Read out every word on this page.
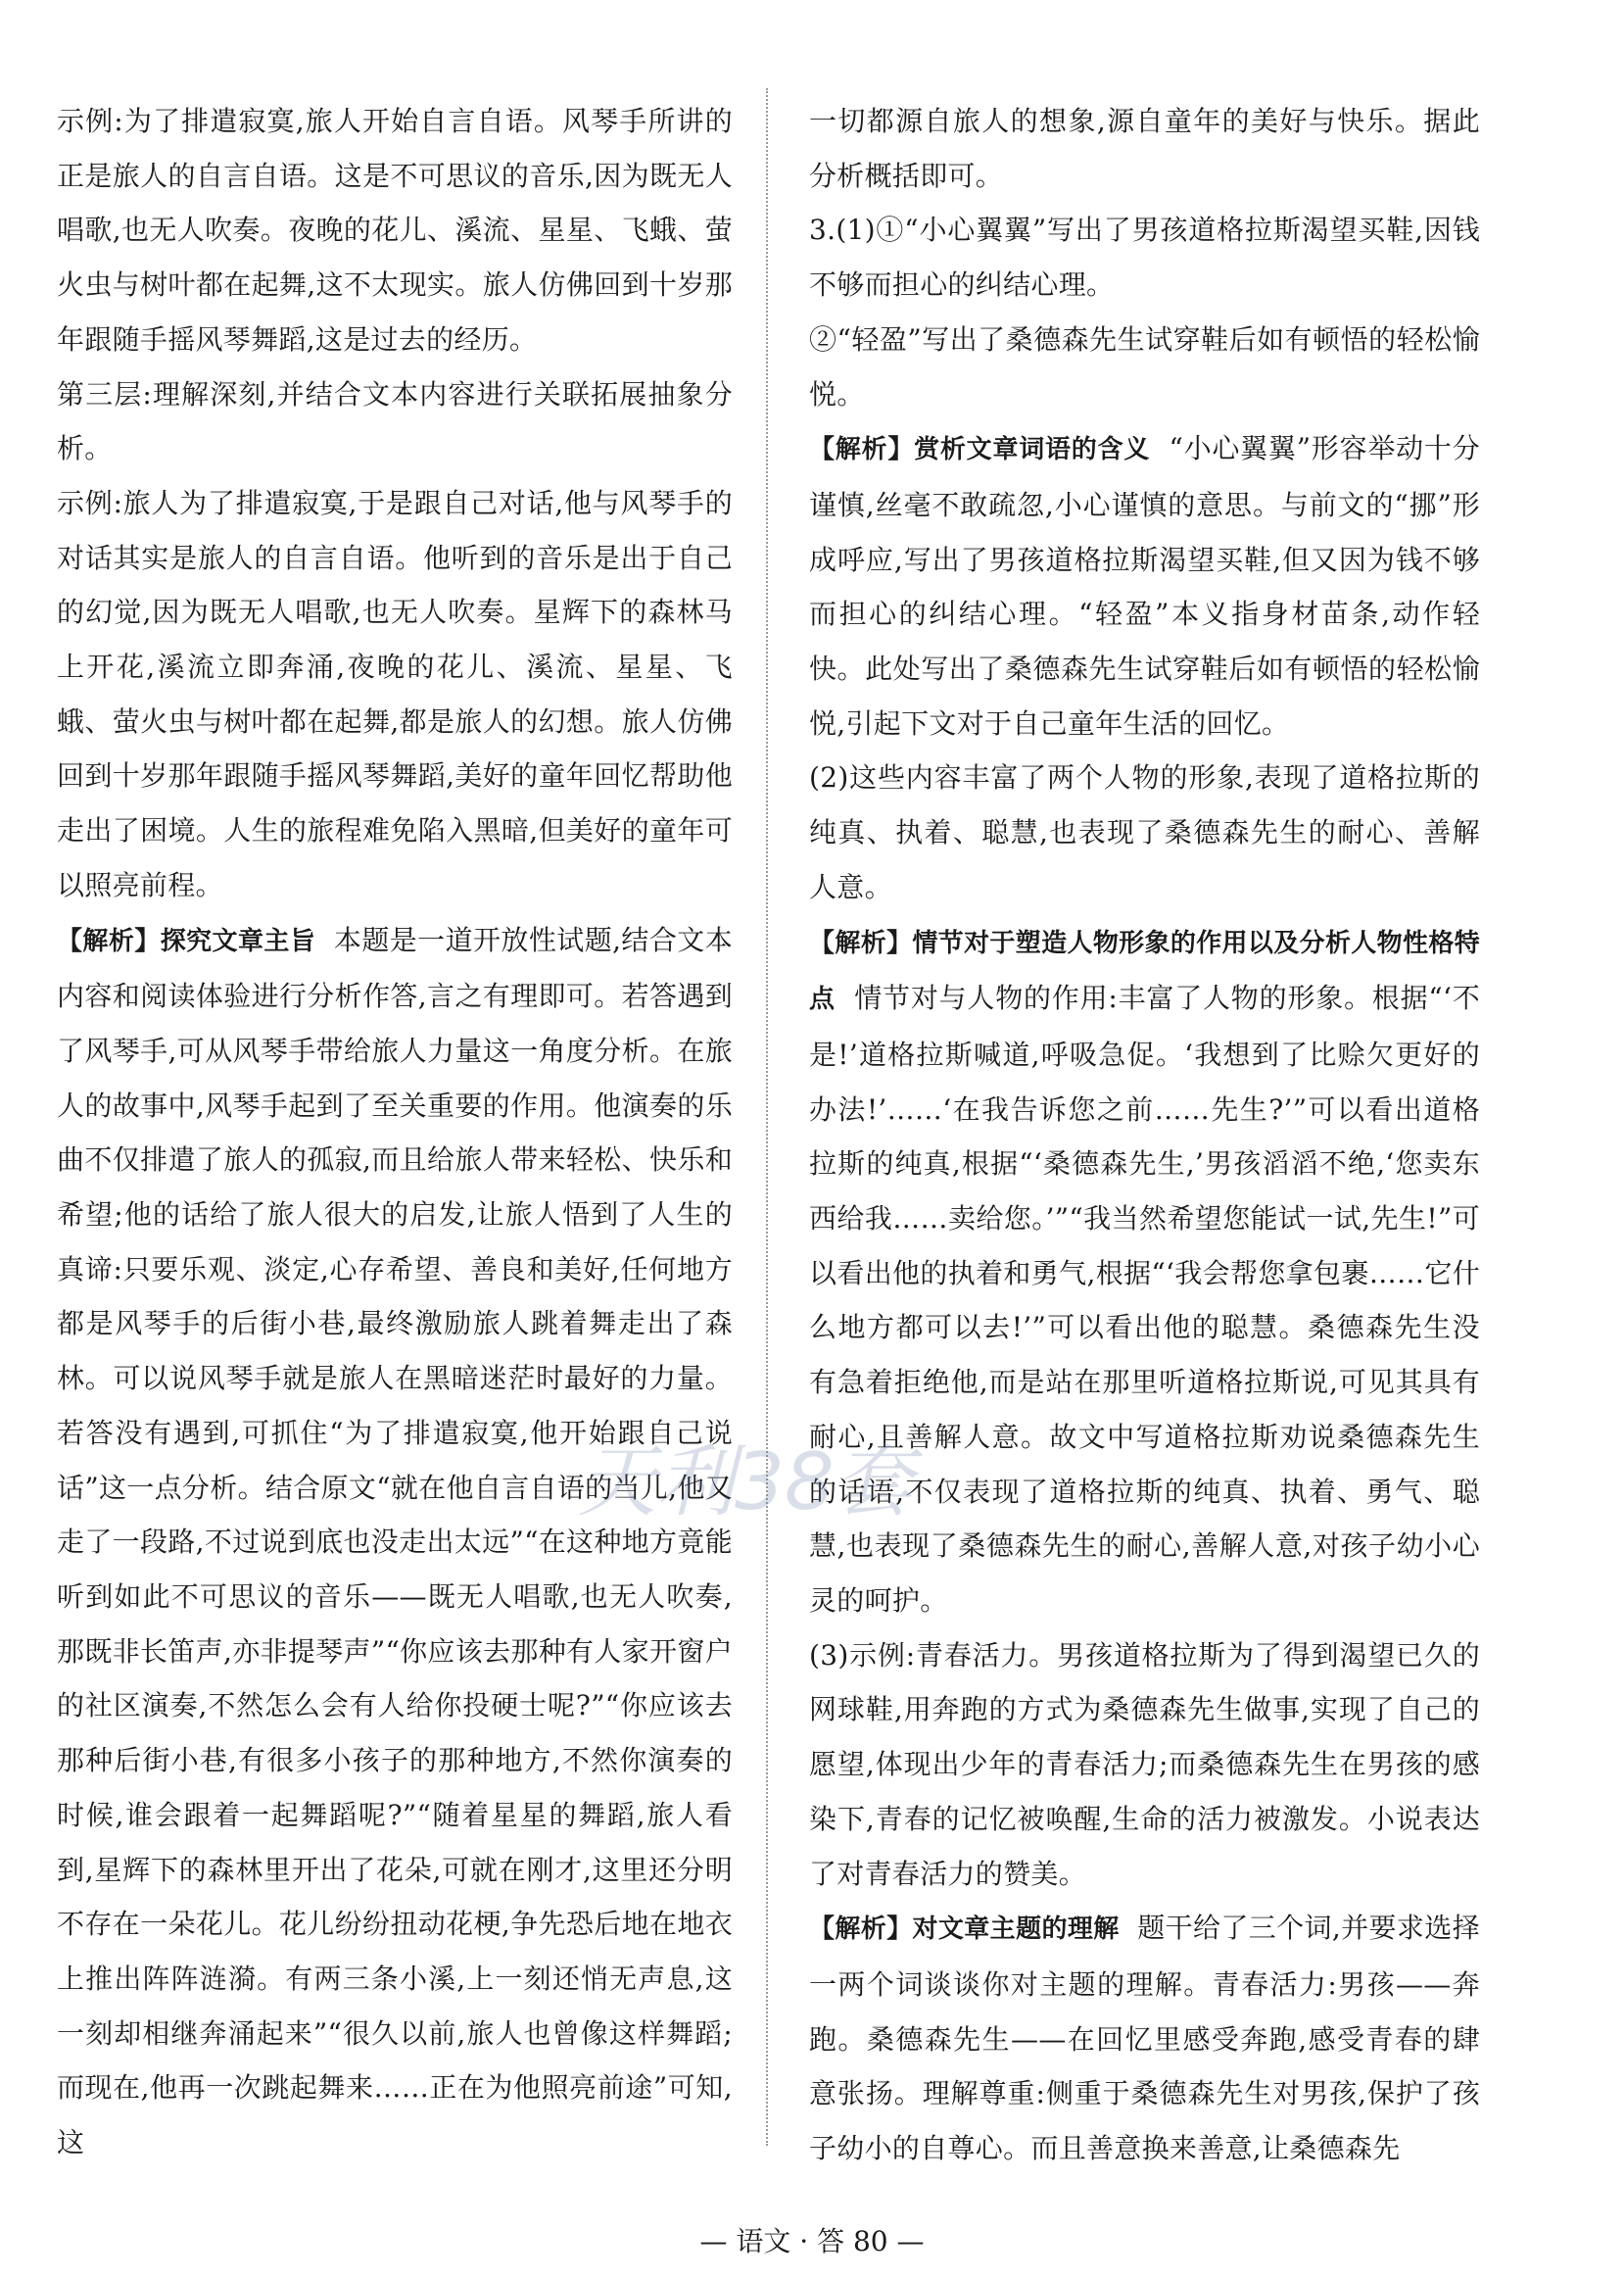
示例:为了排遣寂寞,旅人开始自言自语。风琴手所讲的正是旅人的自言自语。这是不可思议的音乐,因为既无人唱歌,也无人吹奏。夜晚的花儿、溪流、星星、飞蛾、萤火虫与树叶都在起舞,这不太现实。旅人仿佛回到十岁那年跟随手摇风琴舞蹈,这是过去的经历。

第三层:理解深刻,并结合文本内容进行关联拓展抽象分析。

示例:旅人为了排遣寂寞,于是跟自己对话,他与风琴手的对话其实是旅人的自言自语。他听到的音乐是出于自己的幻觉,因为既无人唱歌,也无人吹奏。星辉下的森林马上开花,溪流立即奔涌,夜晚的花儿、溪流、星星、飞蛾、萤火虫与树叶都在起舞,都是旅人的幻想。旅人仿佛回到十岁那年跟随手摇风琴舞蹈,美好的童年回忆帮助他走出了困境。人生的旅程难免陷入黑暗,但美好的童年可以照亮前程。

【解析】探究文章主旨 本题是一道开放性试题,结合文本内容和阅读体验进行分析作答,言之有理即可。若答遇到了风琴手,可从风琴手带给旅人力量这一角度分析。在旅人的故事中,风琴手起到了至关重要的作用。他演奏的乐曲不仅排遣了旅人的孤寂,而且给旅人带来轻松、快乐和希望;他的话给了旅人很大的启发,让旅人悟到了人生的真谛:只要乐观、淡定,心存希望、善良和美好,任何地方都是风琴手的后街小巷,最终激励旅人跳着舞走出了森林。可以说风琴手就是旅人在黑暗迷茫时最好的力量。若答没有遇到,可抓住“为了排遣寂寞,他开始跟自己说话”这一点分析。结合原文“就在他自言自语的当儿,他又走了一段路,不过说到底也没走出太远”“在这种地方竟能听到如此不可思议的音乐——既无人唱歌,也无人吹奏,那既非长笛声,亦非提琴声”“你应该去那种有人家开窗户的社区演奏,不然怎么会有人给你投硬士呢?”“你应该去那种后街小巷,有很多小孩子的那种地方,不然你演奏的时候,谁会跟着一起舞蹈呢?”“随着星星的舞蹈,旅人看到,星辉下的森林里开出了花朵,可就在刚才,这里还分明不存在一朵花儿。花儿纷纷扭动花梗,争先恐后地在地衣上推出阵阵涟漪。有两三条小溪,上一刻还悄无声息,这一刻却相继奔涌起来”“很久以前,旅人也曾像这样舞蹈;而现在,他再一次跳起舞来……正在为他照亮前途”可知,这

一切都源自旅人的想象,源自童年的美好与快乐。据此分析概括即可。

3.(1)①“小心翼翼”写出了男孩道格拉斯渴望买鞋,因钱不够而担心的纠结心理。

②“轻盈”写出了桑德森先生试穿鞋后如有顿悟的轻松愉悦。

【解析】赏析文章词语的含义 “小心翼翼”形容举动十分谨慎,丝毫不敢疏忽,小心谨慎的意思。与前文的“挪”形成呼应,写出了男孩道格拉斯渴望买鞋,但又因为钱不够而担心的纠结心理。“轻盈”本义指身材苗条,动作轻快。此处写出了桑德森先生试穿鞋后如有顿悟的轻松愉悦,引起下文对于自己童年生活的回忆。

(2)这些内容丰富了两个人物的形象,表现了道格拉斯的纯真、执着、聪慧,也表现了桑德森先生的耐心、善解人意。

【解析】情节对于塑造人物形象的作用以及分析人物性格特点 情节对与人物的作用:丰富了人物的形象。根据“‘不是!’道格拉斯喊道,呼吸急促。‘我想到了比赊欠更好的办法!’……‘在我告诉您之前……先生?’”可以看出道格拉斯的纯真,根据“‘桑德森先生,’男孩滔滔不绝,‘您卖东西给我……卖给您。’”“我当然希望您能试一试,先生!”可以看出他的执着和勇气,根据“‘我会帮您拿包裹……它什么地方都可以去!’”可以看出他的聪慧。桑德森先生没有急着拒绝他,而是站在那里听道格拉斯说,可见其具有耐心,且善解人意。故文中写道格拉斯劝说桑德森先生的话语,不仅表现了道格拉斯的纯真、执着、勇气、聪慧,也表现了桑德森先生的耐心,善解人意,对孩子幼小心灵的呵护。

(3)示例:青春活力。男孩道格拉斯为了得到渴望已久的网球鞋,用奔跑的方式为桑德森先生做事,实现了自己的愿望,体现出少年的青春活力;而桑德森先生在男孩的感染下,青春的记忆被唤醒,生命的活力被激发。小说表达了对青春活力的赞美。

【解析】对文章主题的理解 题干给了三个词,并要求选择一两个词谈谈你对主题的理解。青春活力:男孩——奔跑。桑德森先生——在回忆里感受奔跑,感受青春的肆意张扬。理解尊重:侧重于桑德森先生对男孩,保护了孩子幼小的自尊心。而且善意换来善意,让桑德森先

天利38套
— 语文 · 答 80 —
